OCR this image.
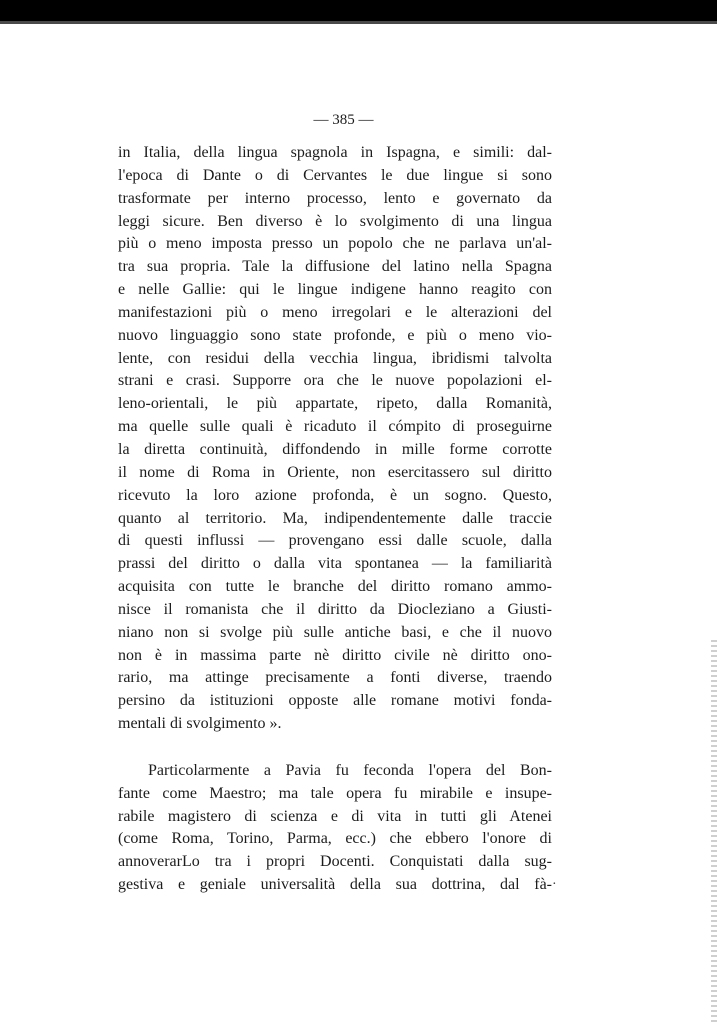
— 385 —
in Italia, della lingua spagnola in Ispagna, e simili: dal-
l'epoca di Dante o di Cervantes le due lingue si sono
trasformate per interno processo, lento e governato da
leggi sicure. Ben diverso è lo svolgimento di una lingua
più o meno imposta presso un popolo che ne parlava un'al-
tra sua propria. Tale la diffusione del latino nella Spagna
e nelle Gallie: qui le lingue indigene hanno reagito con
manifestazioni più o meno irregolari e le alterazioni del
nuovo linguaggio sono state profonde, e più o meno vio-
lente, con residui della vecchia lingua, ibridismi talvolta
strani e crasi. Supporre ora che le nuove popolazioni el-
leno-orientali, le più appartate, ripeto, dalla Romanità,
ma quelle sulle quali è ricaduto il cómpito di proseguirne
la diretta continuità, diffondendo in mille forme corrotte
il nome di Roma in Oriente, non esercitassero sul diritto
ricevuto la loro azione profonda, è un sogno. Questo,
quanto al territorio. Ma, indipendentemente dalle traccie
di questi influssi — provengano essi dalle scuole, dalla
prassi del diritto o dalla vita spontanea — la familiarità
acquisita con tutte le branche del diritto romano ammo-
nisce il romanista che il diritto da Diocleziano a Giusti-
niano non si svolge più sulle antiche basi, e che il nuovo
non è in massima parte nè diritto civile nè diritto ono-
rario, ma attinge precisamente a fonti diverse, traendo
persino da istituzioni opposte alle romane motivi fonda-
mentali di svolgimento ».
Particolarmente a Pavia fu feconda l'opera del Bon-
fante come Maestro; ma tale opera fu mirabile e insupe-
rabile magistero di scienza e di vita in tutti gli Atenei
(come Roma, Torino, Parma, ecc.) che ebbero l'onore di
annoverarLo tra i propri Docenti. Conquistati dalla sug-
gestiva e geniale universalità della sua dottrina, dal fà- ·
